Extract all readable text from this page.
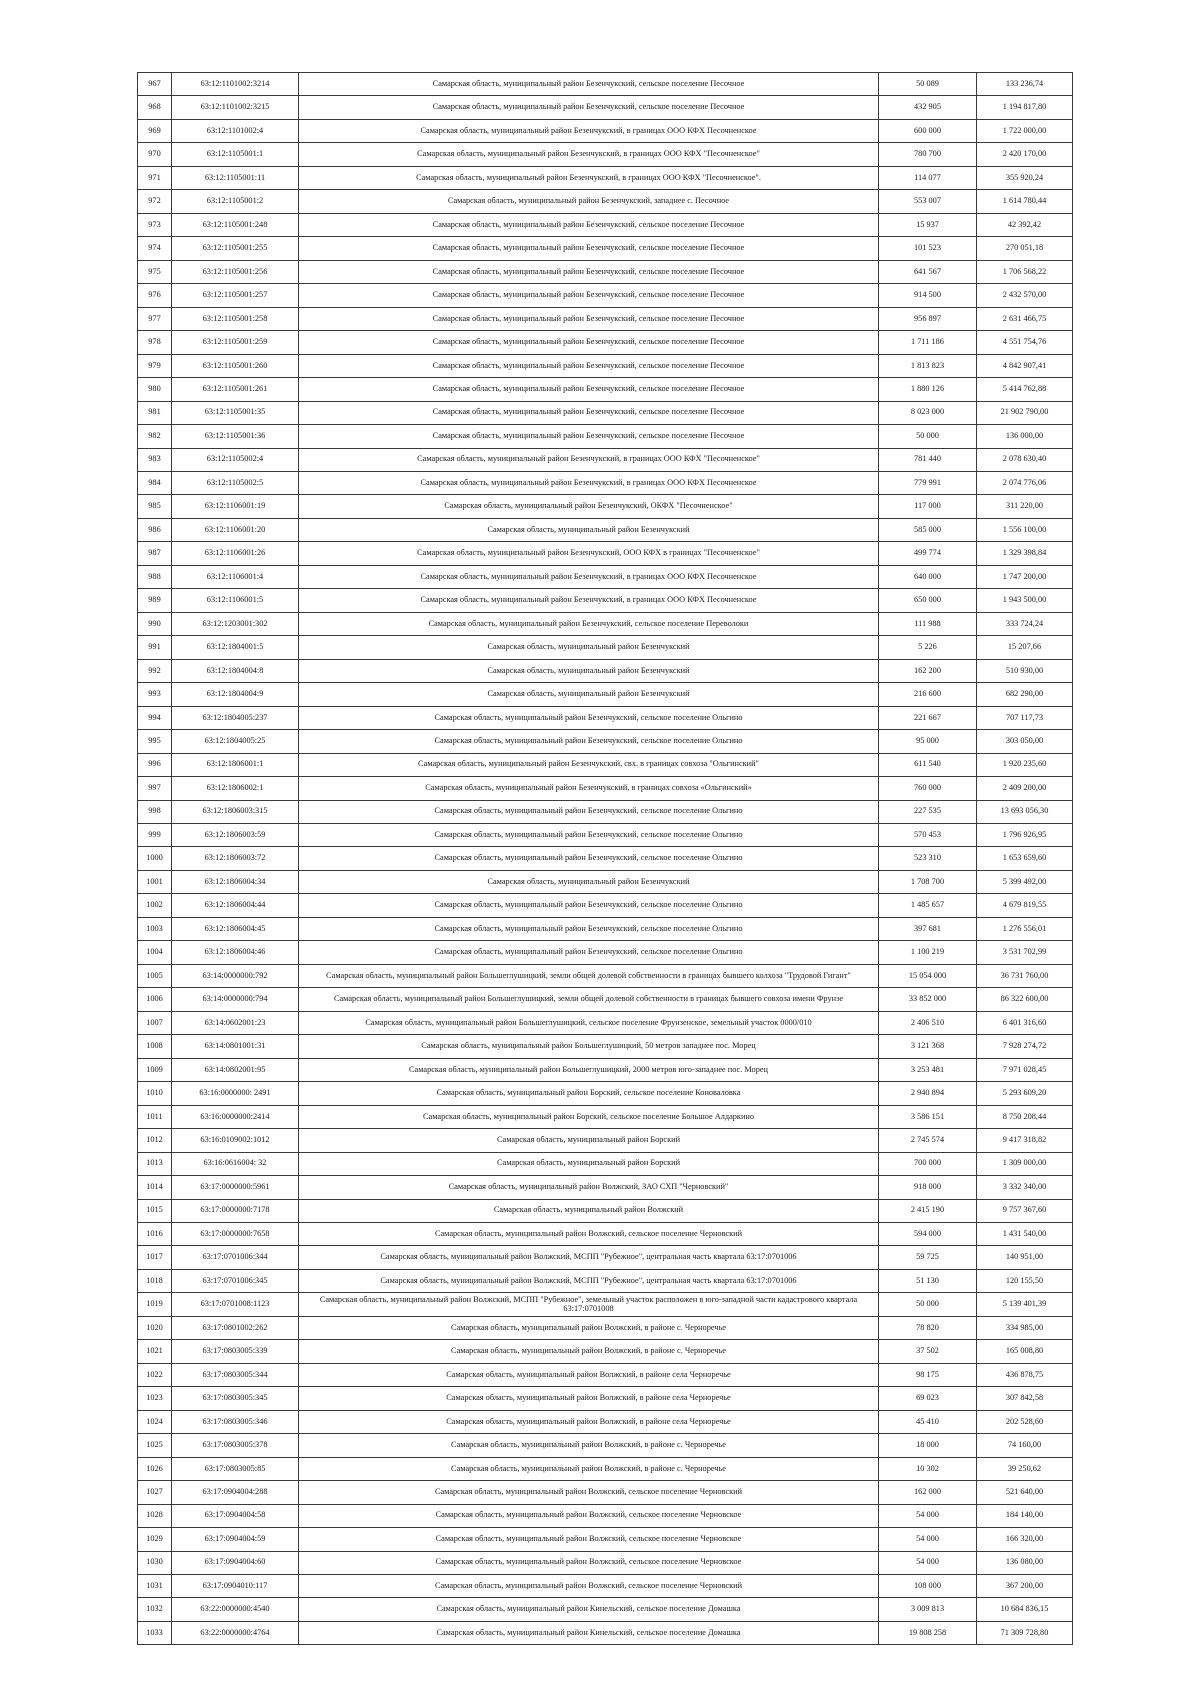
967	63:12:1101002:3214	Самарская область, муниципальный район Безенчукский, сельское поселение Песочное	50 089	133 236,74
968	63:12:1101002:3215	Самарская область, муниципальный район Безенчукский, сельское поселение Песочное	432 905	1 194 817,80
969	63:12:1101002:4	Самарская область, муниципальный район Безенчукский, в границах ООО КФХ Песочненское	600 000	1 722 000,00
970	63:12:1105001:1	Самарская область, муниципальный район Безенчукский, в границах ООО КФХ "Песочненское"	780 700	2 420 170,00
971	63:12:1105001:11	Самарская область, муниципальный район Безенчукский, в границах ООО КФХ "Песочненское".	114 077	355 920,24
972	63:12:1105001:2	Самарская область, муниципальный район Безенчукский, западнее с. Песочное	553 007	1 614 780,44
973	63:12:1105001:248	Самарская область, муниципальный район Безенчукский, сельское поселение Песочное	15 937	42 392,42
974	63:12:1105001:255	Самарская область, муниципальный район Безенчукский, сельское поселение Песочное	101 523	270 051,18
975	63:12:1105001:256	Самарская область, муниципальный район Безенчукский, сельское поселение Песочное	641 567	1 706 568,22
976	63:12:1105001:257	Самарская область, муниципальный район Безенчукский, сельское поселение Песочное	914 500	2 432 570,00
977	63:12:1105001:258	Самарская область, муниципальный район Безенчукский, сельское поселение Песочное	956 897	2 631 466,75
978	63:12:1105001:259	Самарская область, муниципальный район Безенчукский, сельское поселение Песочное	1 711 186	4 551 754,76
979	63:12:1105001:260	Самарская область, муниципальный район Безенчукский, сельское поселение Песочное	1 813 823	4 842 907,41
980	63:12:1105001:261	Самарская область, муниципальный район Безенчукский, сельское поселение Песочное	1 880 126	5 414 762,88
981	63:12:1105001:35	Самарская область, муниципальный район Безенчукский, сельское поселение Песочное	8 023 000	21 902 790,00
982	63:12:1105001:36	Самарская область, муниципальный район Безенчукский, сельское поселение Песочное	50 000	136 000,00
983	63:12:1105002:4	Самарская область, муниципальный район Безенчукский, в границах ООО КФХ "Песочненское"	781 440	2 078 630,40
984	63:12:1105002:5	Самарская область, муниципальный район Безенчукский, в границах ООО КФХ Песочненское	779 991	2 074 776,06
985	63:12:1106001:19	Самарская область, муниципальный район Безенчукский, ОКФХ "Песочненское"	117 000	311 220,00
986	63:12:1106001:20	Самарская область, муниципальный район Безенчукский	585 000	1 556 100,00
987	63:12:1106001:26	Самарская область, муниципальный район Безенчукский, ООО КФХ в границах "Песочненское"	499 774	1 329 398,84
988	63:12:1106001:4	Самарская область, муниципальный район Безенчукский, в границах ООО КФХ Песочненское	640 000	1 747 200,00
989	63:12:1106001:5	Самарская область, муниципальный район Безенчукский, в границах ООО КФХ Песочненское	650 000	1 943 500,00
990	63:12:1203001:302	Самарская область, муниципальный район Безенчукский, сельское поселение Переволоки	111 988	333 724,24
991	63:12:1804001:5	Самарская область, муниципальный район Безенчукский	5 226	15 207,66
992	63:12:1804004:8	Самарская область, муниципальный район Безенчукский	162 200	510 930,00
993	63:12:1804004:9	Самарская область, муниципальный район Безенчукский	216 600	682 290,00
994	63:12:1804005:237	Самарская область, муниципальный район Безенчукский, сельское поселение Ольгино	221 667	707 117,73
995	63:12:1804005:25	Самарская область, муниципальный район Безенчукский, сельское поселение Ольгино	95 000	303 050,00
996	63:12:1806001:1	Самарская область, муниципальный район Безенчукский, свх. в границах совхоза "Ольгинский"	611 540	1 920 235,60
997	63:12:1806002:1	Самарская область, муниципальный район Безенчукский, в границах совхоза «Ольгинский»	760 000	2 409 200,00
998	63:12:1806003:315	Самарская область, муниципальный район Безенчукский, сельское поселение Ольгино	227 535	13 693 056,30
999	63:12:1806003:59	Самарская область, муниципальный район Безенчукский, сельское поселение Ольгино	570 453	1 796 926,95
1000	63:12:1806003:72	Самарская область, муниципальный район Безенчукский, сельское поселение Ольгино	523 310	1 653 659,60
1001	63:12:1806004:34	Самарская область, муниципальный район Безенчукский	1 708 700	5 399 492,00
1002	63:12:1806004:44	Самарская область, муниципальный район Безенчукский, сельское поселение Ольгино	1 485 657	4 679 819,55
1003	63:12:1806004:45	Самарская область, муниципальный район Безенчукский, сельское поселение Ольгино	397 681	1 276 556,01
1004	63:12:1806004:46	Самарская область, муниципальный район Безенчукский, сельское поселение Ольгино	1 100 219	3 531 702,99
1005	63:14:0000000:792	Самарская область, муниципальный район Большеглушицкий, земли общей долевой собственности в границах бывшего колхоза "Трудовой Гигант"	15 054 000	36 731 760,00
1006	63:14:0000000:794	Самарская область, муниципальный район Большеглушицкий, земли общей долевой собственности в границах бывшего совхоза имени Фрунзе	33 852 000	86 322 600,00
1007	63:14:0602001:23	Самарская область, муниципальный район Большеглушицкий, сельское поселение Фрунзенское, земельный участок 0000/010	2 406 510	6 401 316,60
1008	63:14:0801001:31	Самарская область, муниципальный район Большеглушицкий, 50 метров западнее пос. Морец	3 121 368	7 928 274,72
1009	63:14:0802001:95	Самарская область, муниципальный район Большеглушицкий, 2000 метров юго-западнее пос. Морец	3 253 481	7 971 028,45
1010	63:16:0000000: 2491	Самарская область, муниципальный район Борский, сельское поселение Коноваловка	2 940 894	5 293 609,20
1011	63:16:0000000:2414	Самарская область, муниципальный район Борский, сельское поселение Большое Алдаркино	3 586 151	8 750 208,44
1012	63:16:0109002:1012	Самарская область, муниципальный район Борский	2 745 574	9 417 318,82
1013	63:16:0616004: 32	Самарская область, муниципальный район Борский	700 000	1 309 000,00
1014	63:17:0000000:5961	Самарская область, муниципальный район Волжский, ЗАО СХП "Черновский"	918 000	3 332 340,00
1015	63:17:0000000:7178	Самарская область, муниципальный район Волжский	2 415 190	9 757 367,60
1016	63:17:0000000:7658	Самарская область, муниципальный район Волжский, сельское поселение Черновский	594 000	1 431 540,00
1017	63:17:0701006:344	Самарская область, муниципальный район Волжский, МСПП "Рубежное", центральная часть квартала 63:17:0701006	59 725	140 951,00
1018	63:17:0701006:345	Самарская область, муниципальный район Волжский, МСПП "Рубежное", центральная часть квартала 63:17:0701006	51 130	120 155,50
1019	63:17:0701008:1123	Самарская область, муниципальный район Волжский, МСПП "Рубежное", земельный участок расположен в юго-западной части кадастрового квартала 63:17:0701008	50 000	5 139 401,39
1020	63:17:0801002:262	Самарская область, муниципальный район Волжский, в районе с. Черноречье	78 820	334 985,00
1021	63:17:0803005:339	Самарская область, муниципальный район Волжский, в районе с. Черноречье	37 502	165 008,80
1022	63:17:0803005:344	Самарская область, муниципальный район Волжский, в районе села Черноречье	98 175	436 878,75
1023	63:17:0803005:345	Самарская область, муниципальный район Волжский, в районе села Черноречье	69 023	307 842,58
1024	63:17:0803005:346	Самарская область, муниципальный район Волжский, в районе села Черноречье	45 410	202 528,60
1025	63:17:0803005:378	Самарская область, муниципальный район Волжский, в районе с. Черноречье	18 000	74 160,00
1026	63:17:0803005:85	Самарская область, муниципальный район Волжский, в районе с. Черноречье	10 302	39 250,62
1027	63:17:0904004:288	Самарская область, муниципальный район Волжский, сельское поселение Черновский	162 000	521 640,00
1028	63:17:0904004:58	Самарская область, муниципальный район Волжский, сельское поселение Черновское	54 000	184 140,00
1029	63:17:0904004:59	Самарская область, муниципальный район Волжский, сельское поселение Черновское	54 000	166 320,00
1030	63:17:0904004:60	Самарская область, муниципальный район Волжский, сельское поселение Черновское	54 000	136 080,00
1031	63:17:0904010:117	Самарская область, муниципальный район Волжский, сельское поселение Черновский	108 000	367 200,00
1032	63:22:0000000:4540	Самарская область, муниципальный район Кинельский, сельское поселение Домашка	3 009 813	10 684 836,15
1033	63:22:0000000:4764	Самарская область, муниципальный район Кинельский, сельское поселение Домашка	19 808 258	71 309 728,80
